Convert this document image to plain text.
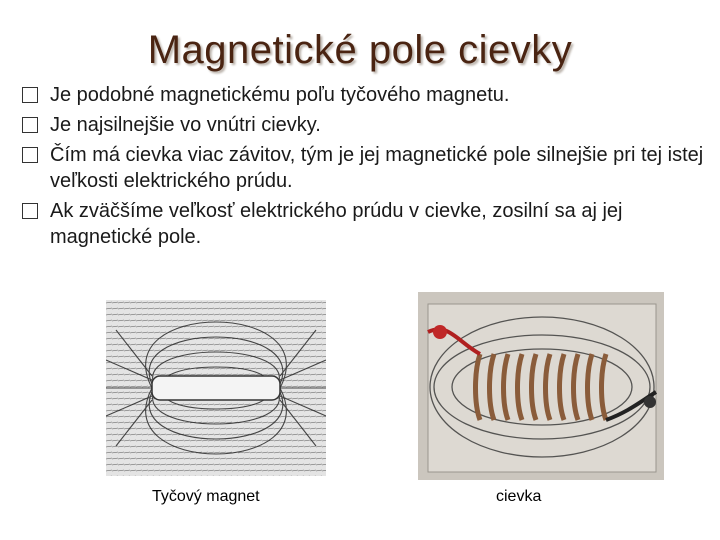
Magnetické pole cievky
Je podobné magnetickému poľu tyčového magnetu.
Je najsilnejšie vo vnútri cievky.
Čím má cievka viac závitov, tým je jej magnetické pole silnejšie pri tej istej veľkosti elektrického prúdu.
Ak zväčšíme veľkosť elektrického prúdu v cievke, zosilní sa aj jej magnetické pole.
Tyčový magnet	cievka
